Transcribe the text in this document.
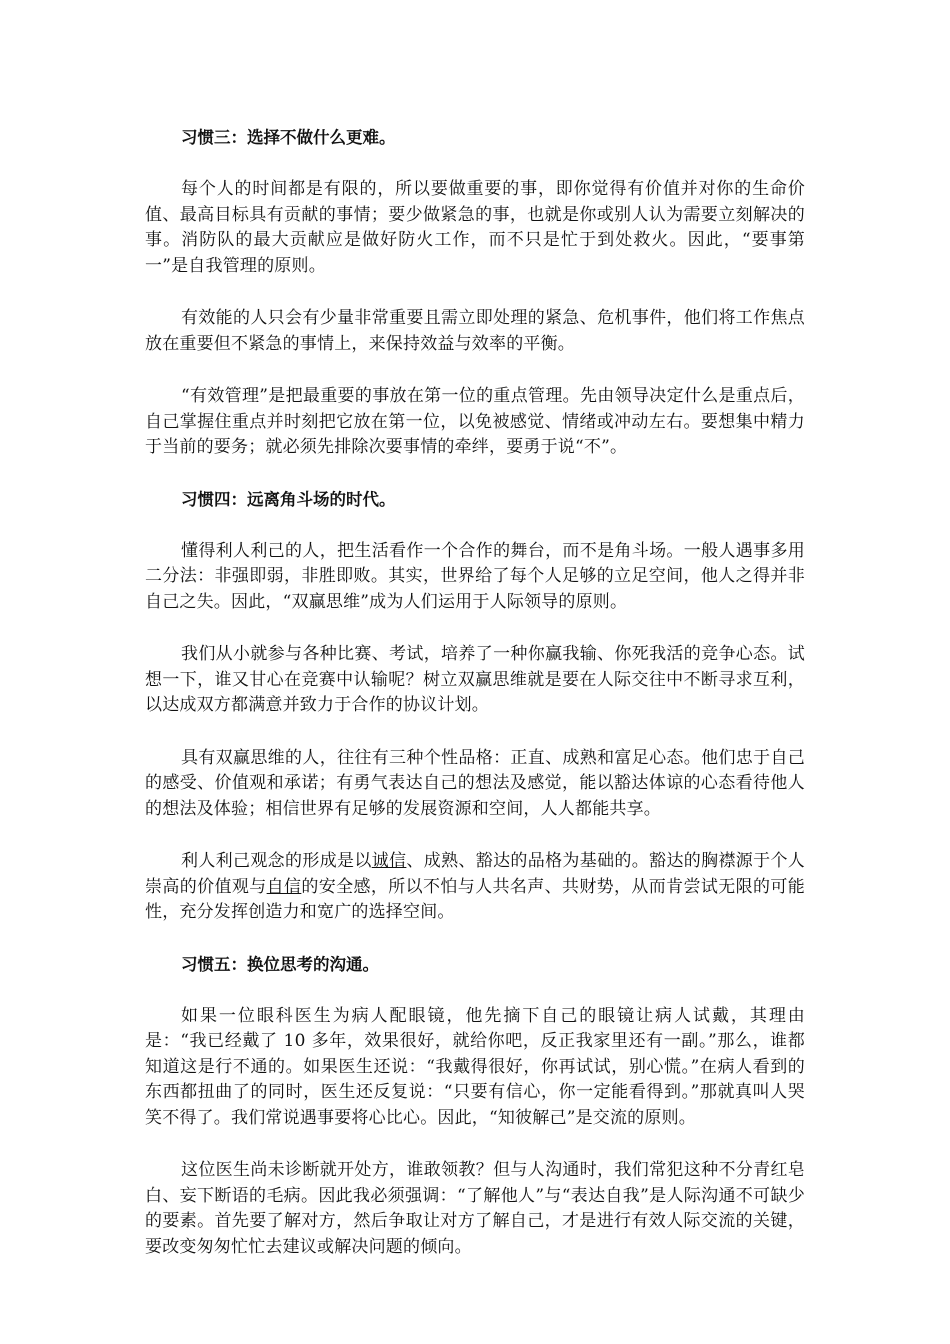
习惯三：选择不做什么更难。

每个人的时间都是有限的，所以要做重要的事，即你觉得有价值并对你的生命价值、最高目标具有贡献的事情；要少做紧急的事，也就是你或别人认为需要立刻解决的事。消防队的最大贡献应是做好防火工作，而不只是忙于到处救火。因此，“要事第一”是自我管理的原则。

有效能的人只会有少量非常重要且需立即处理的紧急、危机事件，他们将工作焦点放在重要但不紧急的事情上，来保持效益与效率的平衡。

“有效管理”是把最重要的事放在第一位的重点管理。先由领导决定什么是重点后，自己掌握住重点并时刻把它放在第一位，以免被感觉、情绪或冲动左右。要想集中精力于当前的要务；就必须先排除次要事情的牵绊，要勇于说“不”。

习惯四：远离角斗场的时代。

懂得利人利己的人，把生活看作一个合作的舞台，而不是角斗场。一般人遇事多用二分法：非强即弱，非胜即败。其实，世界给了每个人足够的立足空间，他人之得并非自己之失。因此，“双赢思维”成为人们运用于人际领导的原则。

我们从小就参与各种比赛、考试，培养了一种你赢我输、你死我活的竞争心态。试想一下，谁又甘心在竞赛中认输呢？树立双赢思维就是要在人际交往中不断寻求互利，以达成双方都满意并致力于合作的协议计划。

具有双赢思维的人，往往有三种个性品格：正直、成熟和富足心态。他们忠于自己的感受、价值观和承诺；有勇气表达自己的想法及感觉，能以豁达体谅的心态看待他人的想法及体验；相信世界有足够的发展资源和空间，人人都能共享。

利人利己观念的形成是以诚信、成熟、豁达的品格为基础的。豁达的胸襟源于个人崇高的价值观与自信的安全感，所以不怕与人共名声、共财势，从而肯尝试无限的可能性，充分发挥创造力和宽广的选择空间。

习惯五：换位思考的沟通。

如果一位眼科医生为病人配眼镜，他先摘下自己的眼镜让病人试戴，其理由是：“我已经戴了 10 多年，效果很好，就给你吧，反正我家里还有一副。”那么，谁都知道这是行不通的。如果医生还说：“我戴得很好，你再试试，别心慌。”在病人看到的东西都扭曲了的同时，医生还反复说：“只要有信心，你一定能看得到。”那就真叫人哭笑不得了。我们常说遇事要将心比心。因此，“知彼解己”是交流的原则。

这位医生尚未诊断就开处方，谁敢领教？但与人沟通时，我们常犯这种不分青红皂白、妄下断语的毛病。因此我必须强调：“了解他人”与“表达自我”是人际沟通不可缺少的要素。首先要了解对方，然后争取让对方了解自己，才是进行有效人际交流的关键，要改变匆匆忙忙去建议或解决问题的倾向。
